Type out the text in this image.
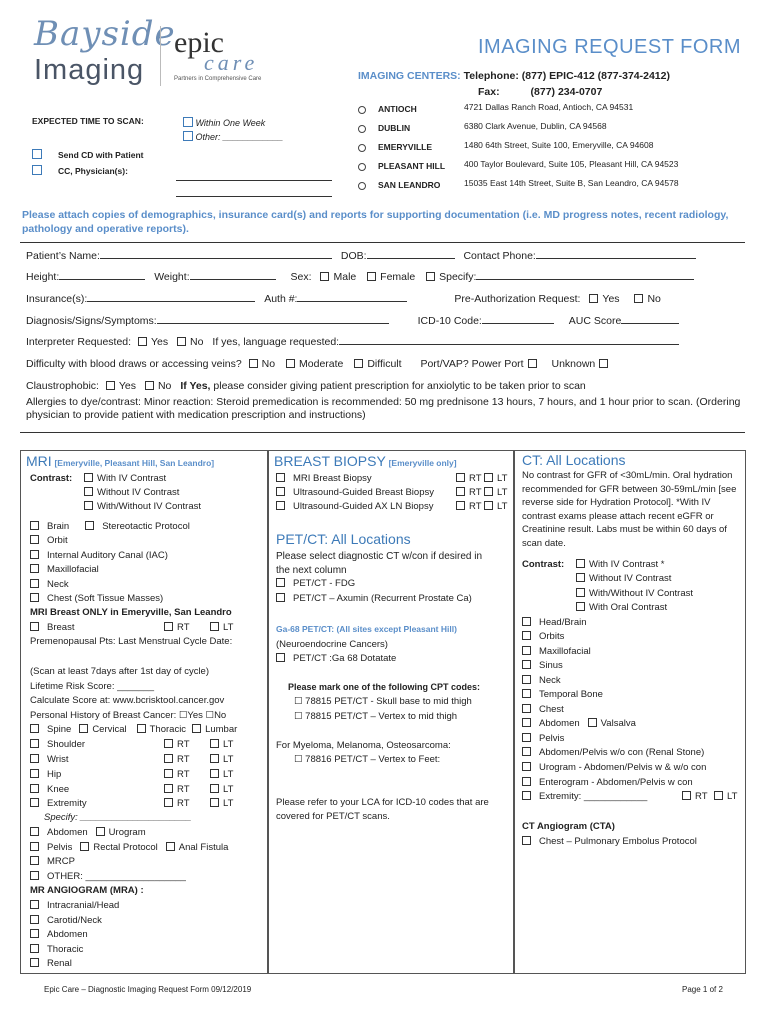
Bayside
Imaging
epic
care
Partners in Comprehensive Care
IMAGING REQUEST FORM
IMAGING CENTERS: Telephone: (877) EPIC-412 (877-374-2412)
Fax:	(877) 234-0707
EXPECTED TIME TO SCAN:	Within One Week
Other: ____________
Send CD with Patient
CC, Physician(s):
ANTIOCH	4721 Dallas Ranch Road, Antioch, CA 94531
DUBLIN	6380 Clark Avenue, Dublin, CA 94568
EMERYVILLE	1480 64th Street, Suite 100, Emeryville, CA 94608
PLEASANT HILL 400 Taylor Boulevard, Suite 105, Pleasant Hill, CA 94523
SAN LEANDRO	15035 East 14th Street, Suite B, San Leandro, CA 94578
Please attach copies of demographics, insurance card(s) and reports for supporting documentation (i.e. MD progress notes, recent radiology, pathology and operative reports).
Patient’s Name:	DOB:	Contact Phone:
Height:	Weight:	Sex: Male Female Specify:
Insurance(s):	Auth #:	Pre-Authorization Request: Yes	No
Diagnosis/Signs/Symptoms:	ICD-10 Code:	AUC Score
Interpreter Requested: Yes No If yes, language requested:
Difficulty with blood draws or accessing veins? No Moderate Difficult Port/VAP? Power Port	Unknown
Claustrophobic: Yes No If Yes, please consider giving patient prescription for anxiolytic to be taken prior to scan
Allergies to dye/contrast: Minor reaction: Steroid premedication is recommended: 50 mg prednisone 13 hours, 7 hours, and 1 hour prior to scan. (Ordering physician to provide patient with medication prescription and instructions)
MRI [Emeryville, Pleasant Hill, San Leandro]
Contrast:	With IV Contrast
Without IV Contrast
With/Without IV Contrast
Brain	Stereotactic Protocol
Orbit
Internal Auditory Canal (IAC)
Maxillofacial
Neck
Chest (Soft Tissue Masses)
MRI Breast ONLY in Emeryville, San Leandro
Breast	RT	LT
Premenopausal Pts: Last Menstrual Cycle Date:
(Scan at least 7days after 1st day of cycle)
Lifetime Risk Score: _______
Calculate Score at: www.bcrisktool.cancer.gov
Personal History of Breast Cancer: ☐Yes ☐No
Spine Cervical Thoracic Lumbar
Shoulder	RT	LT
Wrist	RT	LT
Hip	RT	LT
Knee	RT	LT
Extremity	RT	LT
Specify: _____________________
Abdomen Urogram
Pelvis Rectal Protocol Anal Fistula
MRCP
OTHER: ___________________
MR ANGIOGRAM (MRA) :
Intracranial/Head
Carotid/Neck
Abdomen
Thoracic
Renal
BREAST BIOPSY [Emeryville only]
MRI Breast Biopsy	RT	LT
Ultrasound-Guided Breast Biopsy	RT	LT
Ultrasound-Guided AX LN Biopsy	RT	LT
PET/CT: All Locations
Please select diagnostic CT w/con if desired in the next column
PET/CT - FDG
PET/CT – Axumin (Recurrent Prostate Ca)
Ga-68 PET/CT: (All sites except Pleasant Hill)
(Neuroendocrine Cancers)
PET/CT :Ga 68 Dotatate
Please mark one of the following CPT codes:
☐ 78815 PET/CT - Skull base to mid thigh
☐ 78815 PET/CT – Vertex to mid thigh
For Myeloma, Melanoma, Osteosarcoma:
☐ 78816 PET/CT – Vertex to Feet:
Please refer to your LCA for ICD-10 codes that are covered for PET/CT scans.
CT: All Locations
No contrast for GFR of <30mL/min. Oral hydration recommended for GFR between 30-59mL/min [see reverse side for Hydration Protocol]. *With IV contrast exams please attach recent eGFR or Creatinine result. Labs must be within 60 days of scan date.
Contrast:	With IV Contrast *
Without IV Contrast
With/Without IV Contrast
With Oral Contrast
Head/Brain
Orbits
Maxillofacial
Sinus
Neck
Temporal Bone
Chest
Abdomen Valsalva
Pelvis
Abdomen/Pelvis w/o con (Renal Stone)
Urogram - Abdomen/Pelvis w & w/o con
Enterogram - Abdomen/Pelvis w con
Extremity: ____________	RT	LT
CT Angiogram (CTA)
Chest – Pulmonary Embolus Protocol
Epic Care – Diagnostic Imaging Request Form 09/12/2019	Page 1 of 2
